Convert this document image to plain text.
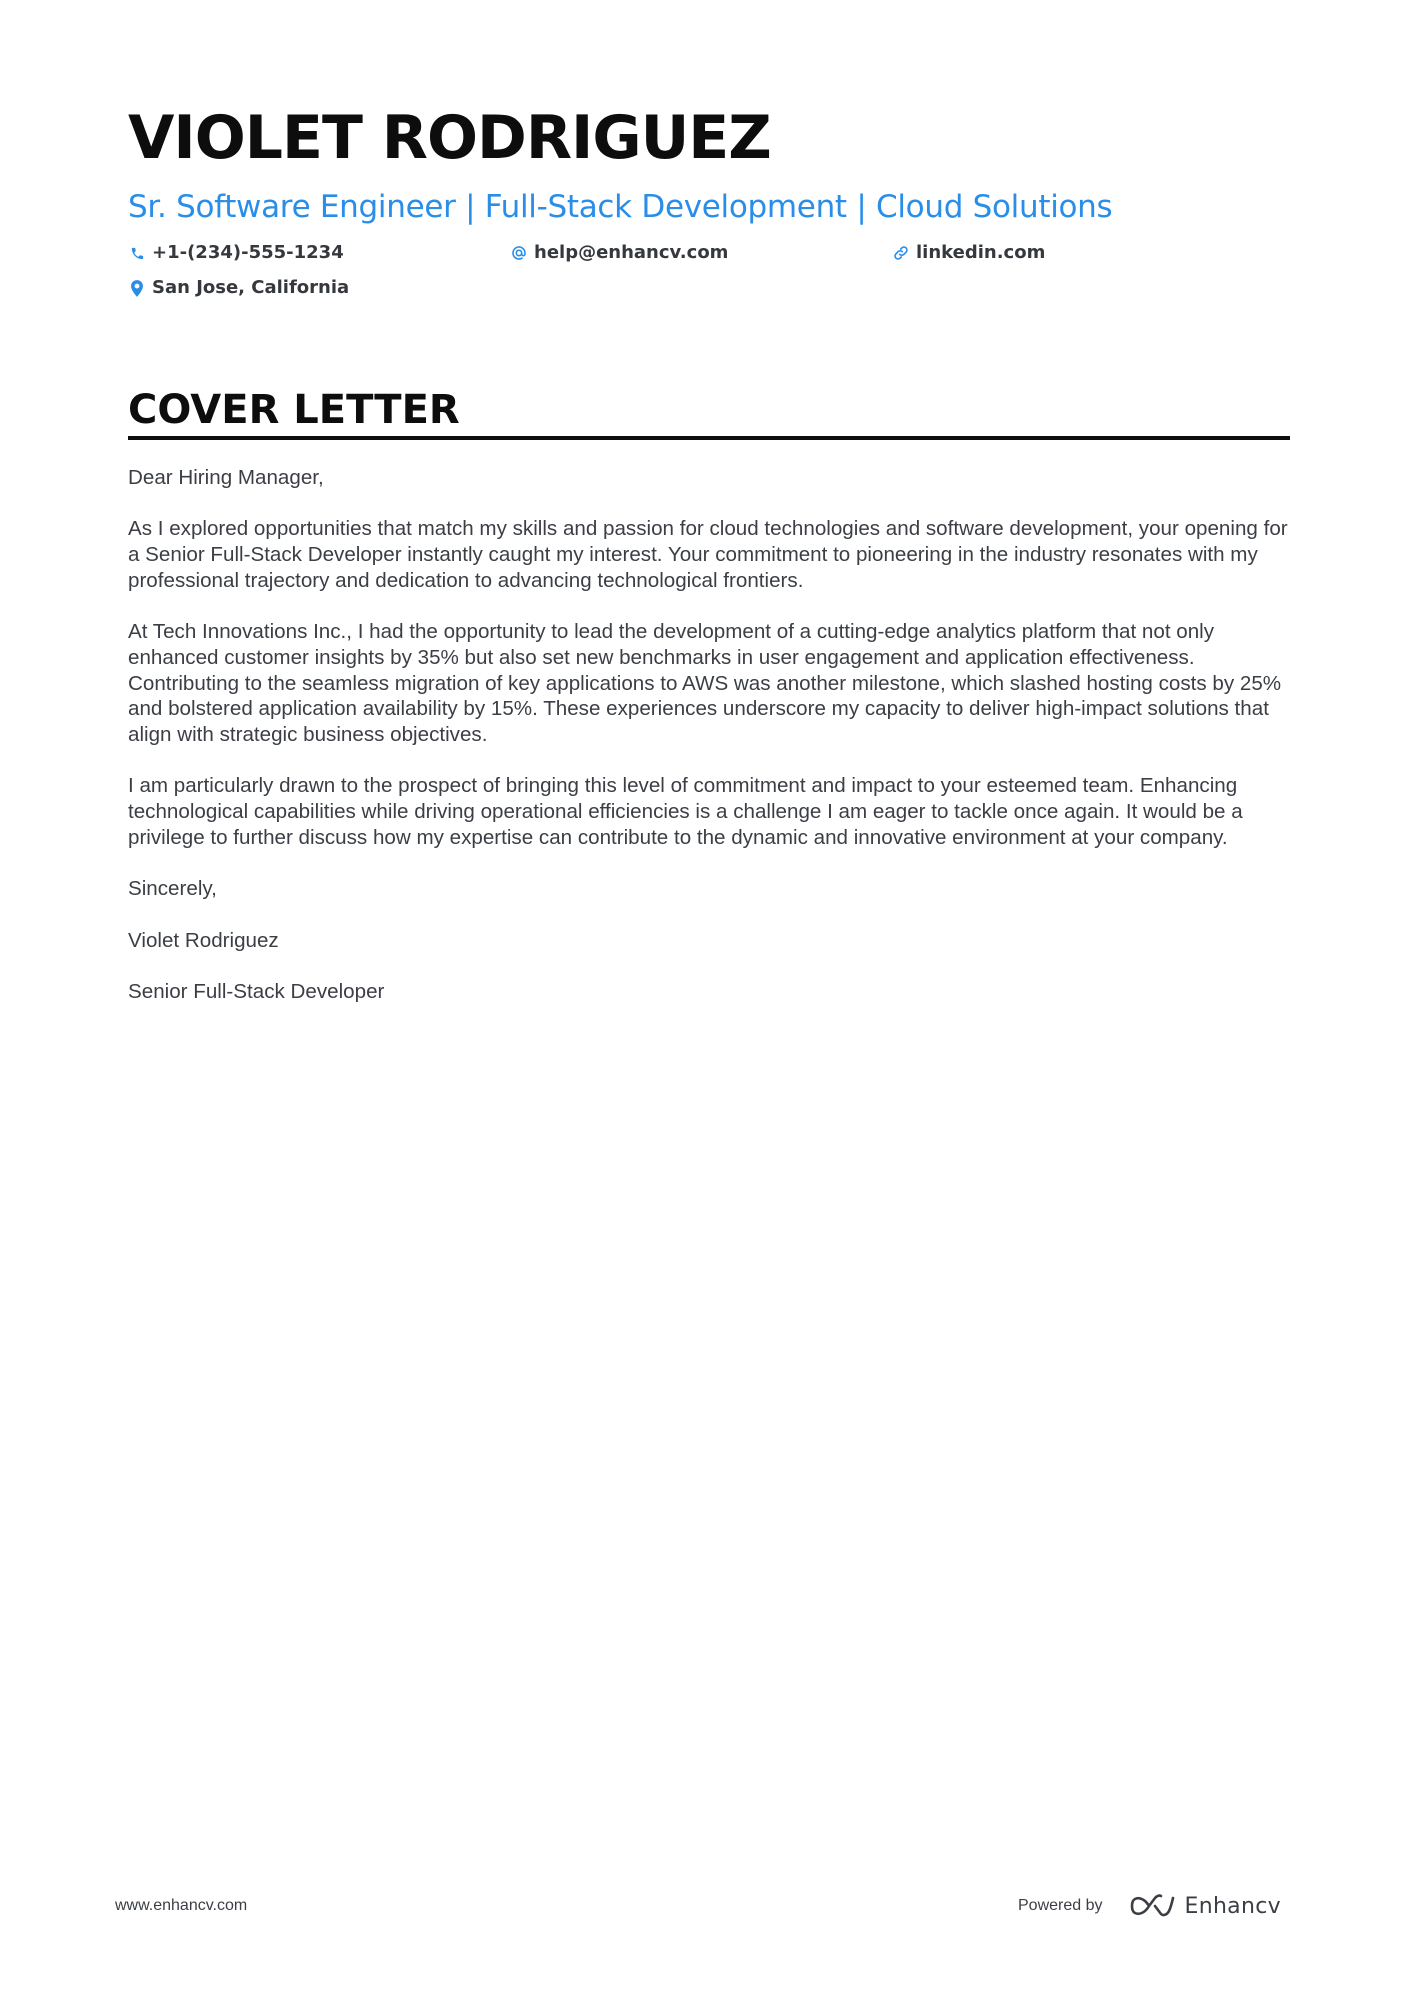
VIOLET RODRIGUEZ
Sr. Software Engineer | Full-Stack Development | Cloud Solutions
+1-(234)-555-1234	help@enhancv.com	linkedin.com
San Jose, California
COVER LETTER

Dear Hiring Manager,

As I explored opportunities that match my skills and passion for cloud technologies and software development, your opening for a Senior Full-Stack Developer instantly caught my interest. Your commitment to pioneering in the industry resonates with my professional trajectory and dedication to advancing technological frontiers.

At Tech Innovations Inc., I had the opportunity to lead the development of a cutting-edge analytics platform that not only enhanced customer insights by 35% but also set new benchmarks in user engagement and application effectiveness. Contributing to the seamless migration of key applications to AWS was another milestone, which slashed hosting costs by 25% and bolstered application availability by 15%. These experiences underscore my capacity to deliver high-impact solutions that align with strategic business objectives.

I am particularly drawn to the prospect of bringing this level of commitment and impact to your esteemed team. Enhancing technological capabilities while driving operational efficiencies is a challenge I am eager to tackle once again. It would be a privilege to further discuss how my expertise can contribute to the dynamic and innovative environment at your company.

Sincerely,

Violet Rodriguez

Senior Full-Stack Developer

www.enhancv.com	Powered by	Enhancv
